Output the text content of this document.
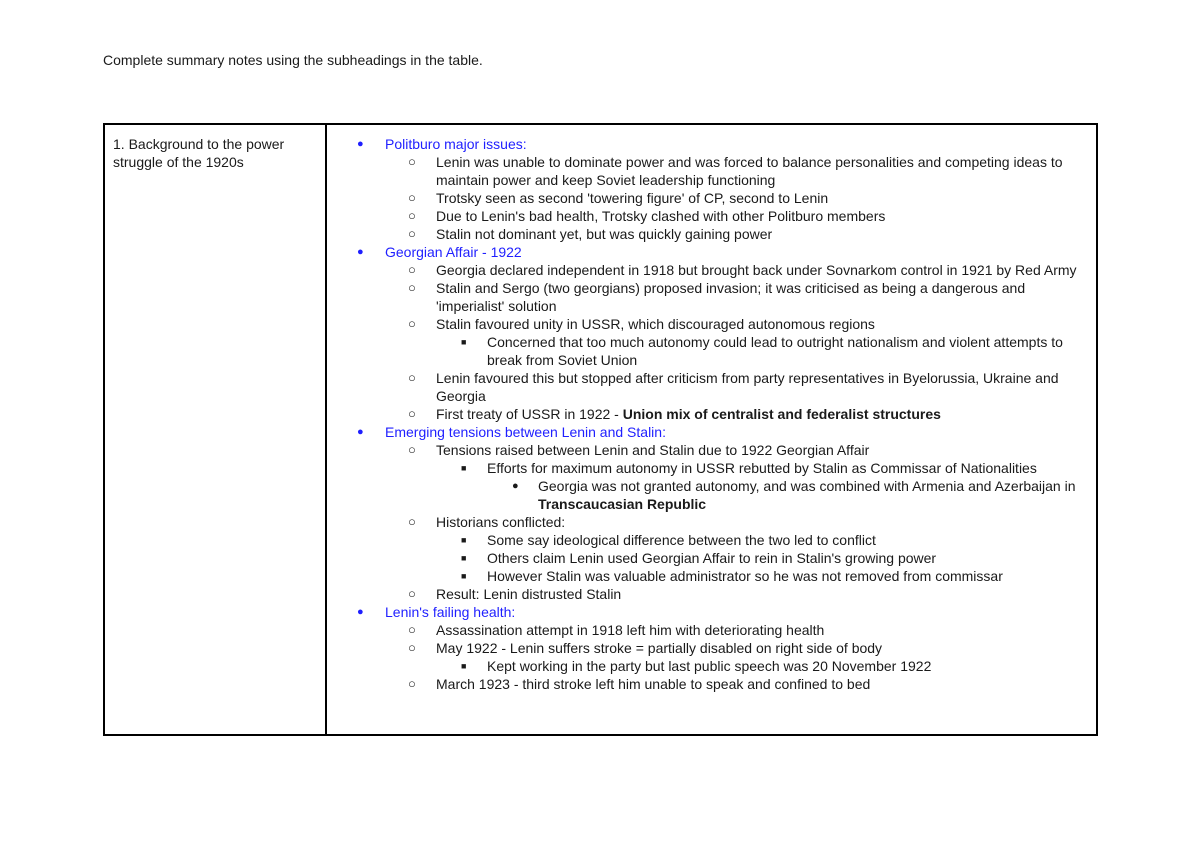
Complete summary notes using the subheadings in the table.

1. Background to the power struggle of the 1920s
● Politburo major issues:
○ Lenin was unable to dominate power and was forced to balance personalities and competing ideas to maintain power and keep Soviet leadership functioning
○ Trotsky seen as second 'towering figure' of CP, second to Lenin
○ Due to Lenin's bad health, Trotsky clashed with other Politburo members
○ Stalin not dominant yet, but was quickly gaining power
● Georgian Affair - 1922
○ Georgia declared independent in 1918 but brought back under Sovnarkom control in 1921 by Red Army
○ Stalin and Sergo (two georgians) proposed invasion; it was criticised as being a dangerous and 'imperialist' solution
○ Stalin favoured unity in USSR, which discouraged autonomous regions
■ Concerned that too much autonomy could lead to outright nationalism and violent attempts to break from Soviet Union
○ Lenin favoured this but stopped after criticism from party representatives in Byelorussia, Ukraine and Georgia
○ First treaty of USSR in 1922 - Union mix of centralist and federalist structures
● Emerging tensions between Lenin and Stalin:
○ Tensions raised between Lenin and Stalin due to 1922 Georgian Affair
■ Efforts for maximum autonomy in USSR rebutted by Stalin as Commissar of Nationalities
● Georgia was not granted autonomy, and was combined with Armenia and Azerbaijan in Transcaucasian Republic
○ Historians conflicted:
■ Some say ideological difference between the two led to conflict
■ Others claim Lenin used Georgian Affair to rein in Stalin's growing power
■ However Stalin was valuable administrator so he was not removed from commissar
○ Result: Lenin distrusted Stalin
● Lenin's failing health:
○ Assassination attempt in 1918 left him with deteriorating health
○ May 1922 - Lenin suffers stroke = partially disabled on right side of body
■ Kept working in the party but last public speech was 20 November 1922
○ March 1923 - third stroke left him unable to speak and confined to bed
